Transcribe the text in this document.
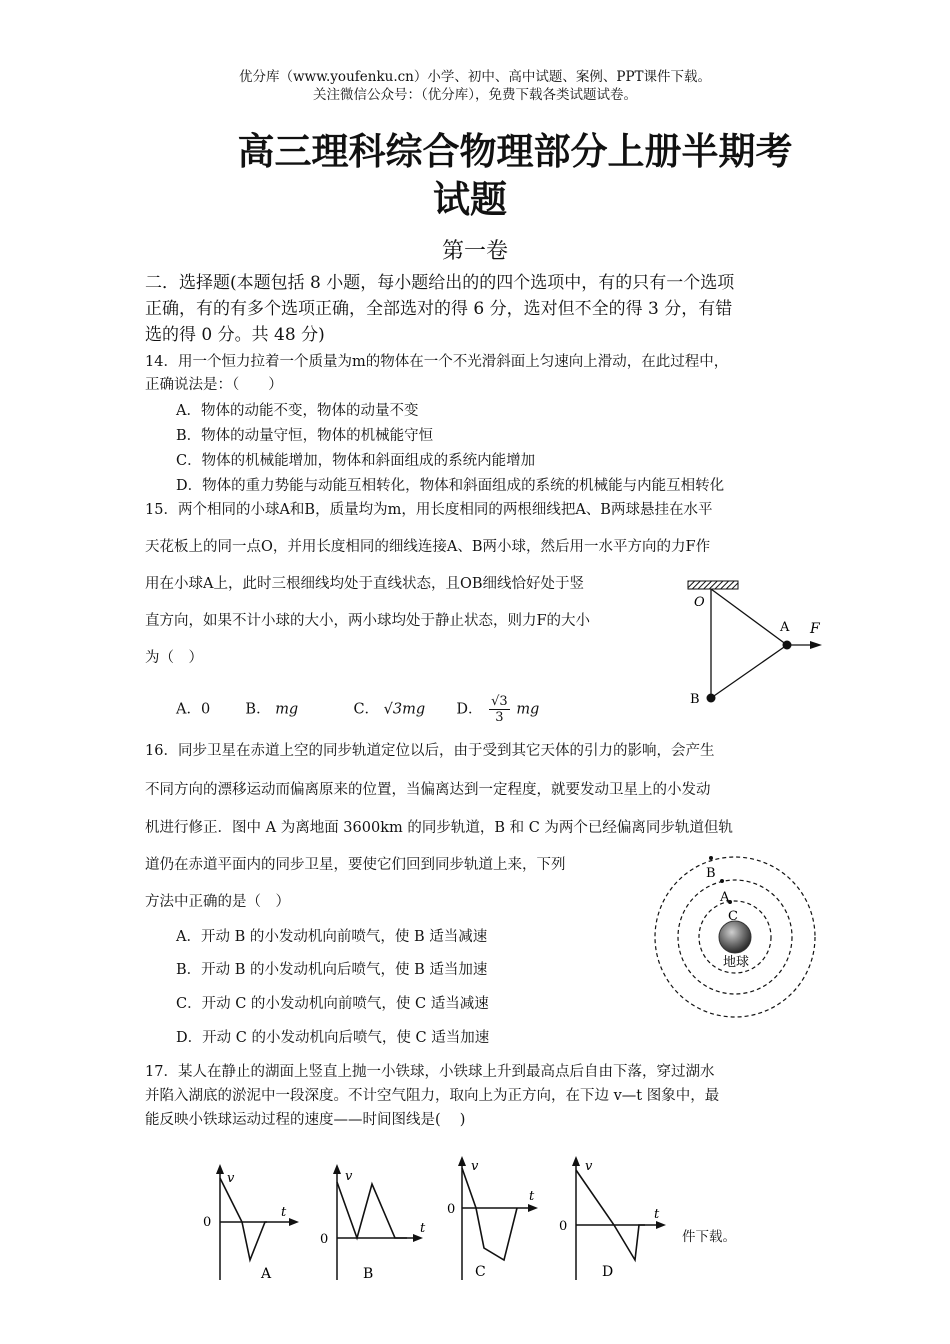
优分库（www.youfenku.cn）小学、初中、高中试题、案例、PPT课件下载。
关注微信公众号：（优分库），免费下载各类试题试卷。
高三理科综合物理部分上册半期考
试题
第一卷
二．选择题(本题包括 8 小题，每小题给出的的四个选项中，有的只有一个选项
正确，有的有多个选项正确，全部选对的得 6 分，选对但不全的得 3 分，有错
选的得 0 分。共 48 分)
14．用一个恒力拉着一个质量为m的物体在一个不光滑斜面上匀速向上滑动，在此过程中，
正确说法是：（　　）
A．物体的动能不变，物体的动量不变
B．物体的动量守恒，物体的机械能守恒
C．物体的机械能增加，物体和斜面组成的系统内能增加
D．物体的重力势能与动能互相转化，物体和斜面组成的系统的机械能与内能互相转化
15．两个相同的小球A和B，质量均为m，用长度相同的两根细线把A、B两球悬挂在水平
天花板上的同一点O，并用长度相同的细线连接A、B两小球，然后用一水平方向的力F作
用在小球A上，此时三根细线均处于直线状态，且OB细线恰好处于竖
直方向，如果不计小球的大小，两小球均处于静止状态，则力F的大小
为（　）
A．0 B． mg	C． √3mg D． $\frac{√3}{3}$ mg
O
A F
B
16．同步卫星在赤道上空的同步轨道定位以后，由于受到其它天体的引力的影响，会产生
不同方向的漂移运动而偏离原来的位置，当偏离达到一定程度，就要发动卫星上的小发动
机进行修正．图中 A 为离地面 3600km 的同步轨道，B 和 C 为两个已经偏离同步轨道但轨
道仍在赤道平面内的同步卫星，要使它们回到同步轨道上来，下列
方法中正确的是（　）
A．开动 B 的小发动机向前喷气，使 B 适当减速
B．开动 B 的小发动机向后喷气，使 B 适当加速
C．开动 C 的小发动机向前喷气，使 C 适当减速
D．开动 C 的小发动机向后喷气，使 C 适当加速
B
A
C
地球
17．某人在静止的湖面上竖直上抛一小铁球，小铁球上升到最高点后自由下落，穿过湖水
并陷入湖底的淤泥中一段深度。不计空气阻力，取向上为正方向，在下边 v—t 图象中，最
能反映小铁球运动过程的速度——时间图线是(　 )
v
t
0
A
v
t
0
B
v
t
0
C
v
t
0
D
件下载。
